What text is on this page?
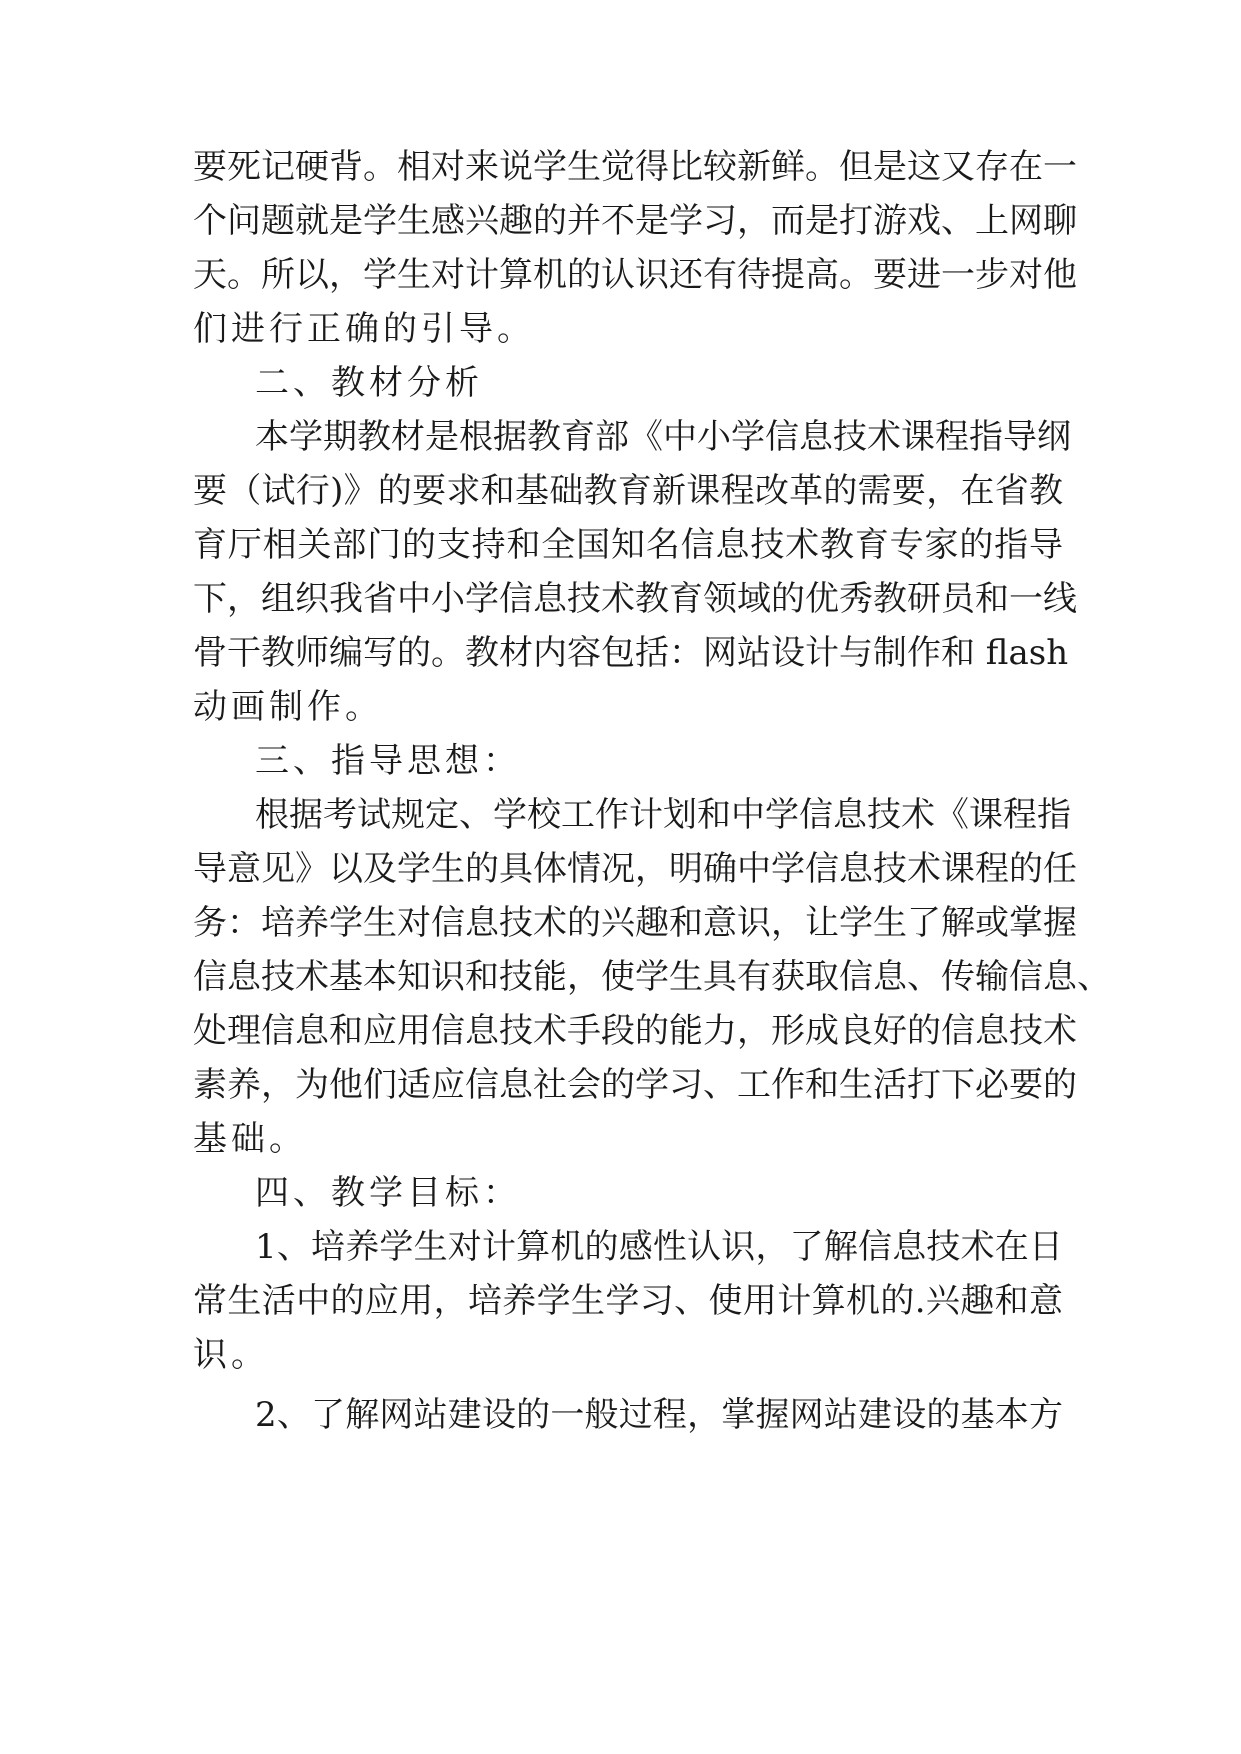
要死记硬背。相对来说学生觉得比较新鲜。但是这又存在一
个问题就是学生感兴趣的并不是学习，而是打游戏、上网聊
天。所以，学生对计算机的认识还有待提高。要进一步对他
们进行正确的引导。
二、教材分析
本学期教材是根据教育部《中小学信息技术课程指导纲
要（试行)》的要求和基础教育新课程改革的需要，在省教
育厅相关部门的支持和全国知名信息技术教育专家的指导
下，组织我省中小学信息技术教育领域的优秀教研员和一线
骨干教师编写的。教材内容包括：网站设计与制作和 flash
动画制作。
三、指导思想：
根据考试规定、学校工作计划和中学信息技术《课程指
导意见》以及学生的具体情况，明确中学信息技术课程的任
务：培养学生对信息技术的兴趣和意识，让学生了解或掌握
信息技术基本知识和技能，使学生具有获取信息、传输信息、
处理信息和应用信息技术手段的能力，形成良好的信息技术
素养，为他们适应信息社会的学习、工作和生活打下必要的
基础。
四、教学目标：
1、培养学生对计算机的感性认识，了解信息技术在日
常生活中的应用，培养学生学习、使用计算机的.兴趣和意
识。
2、了解网站建设的一般过程，掌握网站建设的基本方
